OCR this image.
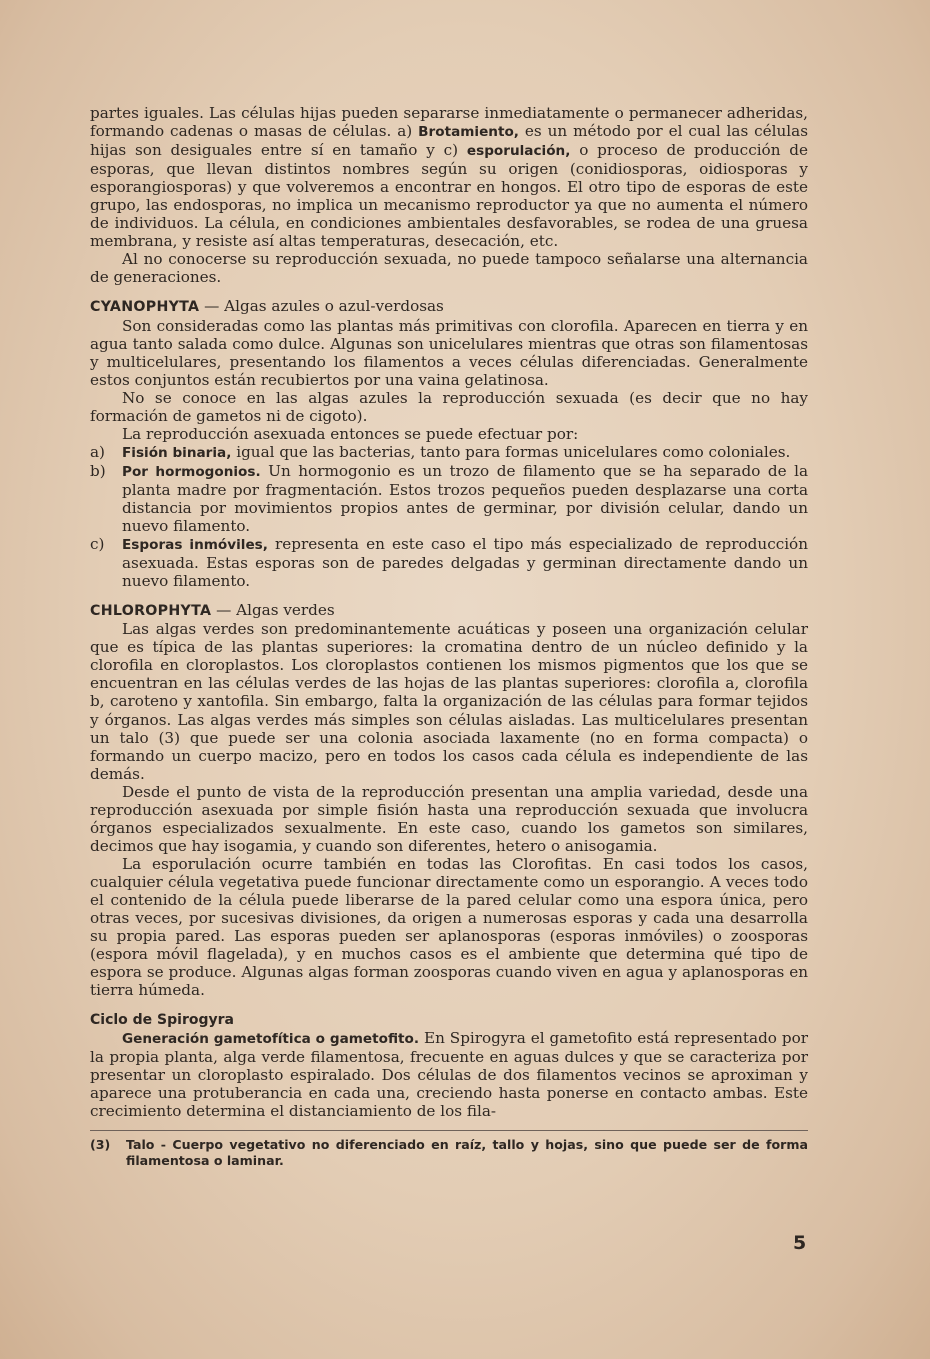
partes iguales. Las células hijas pueden separarse inmediatamente o permanecer adheridas, formando cadenas o masas de células. a) Brotamiento, es un método por el cual las células hijas son desiguales entre sí en tamaño y c) esporulación, o proceso de producción de esporas, que llevan distintos nombres según su origen (conidiosporas, oidiosporas y esporangiosporas) y que volveremos a encontrar en hongos. El otro tipo de esporas de este grupo, las endosporas, no implica un mecanismo reproductor ya que no aumenta el número de individuos. La célula, en condiciones ambientales desfavorables, se rodea de una gruesa membrana, y resiste así altas temperaturas, desecación, etc.

Al no conocerse su reproducción sexuada, no puede tampoco señalarse una alternancia de generaciones.

CYANOPHYTA — Algas azules o azul-verdosas

Son consideradas como las plantas más primitivas con clorofila. Aparecen en tierra y en agua tanto salada como dulce. Algunas son unicelulares mientras que otras son filamentosas y multicelulares, presentando los filamentos a veces células diferenciadas. Generalmente estos conjuntos están recubiertos por una vaina gelatinosa.

No se conoce en las algas azules la reproducción sexuada (es decir que no hay formación de gametos ni de cigoto).

La reproducción asexuada entonces se puede efectuar por:

a)	Fisión binaria, igual que las bacterias, tanto para formas unicelulares como coloniales.
b)	Por hormogonios. Un hormogonio es un trozo de filamento que se ha separado de la planta madre por fragmentación. Estos trozos pequeños pueden desplazarse una corta distancia por movimientos propios antes de germinar, por división celular, dando un nuevo filamento.
c)	Esporas inmóviles, representa en este caso el tipo más especializado de reproducción asexuada. Estas esporas son de paredes delgadas y germinan directamente dando un nuevo filamento.

CHLOROPHYTA — Algas verdes

Las algas verdes son predominantemente acuáticas y poseen una organización celular que es típica de las plantas superiores: la cromatina dentro de un núcleo definido y la clorofila en cloroplastos. Los cloroplastos contienen los mismos pigmentos que los que se encuentran en las células verdes de las hojas de las plantas superiores: clorofila a, clorofila b, caroteno y xantofila. Sin embargo, falta la organización de las células para formar tejidos y órganos. Las algas verdes más simples son células aisladas. Las multicelulares presentan un talo (3) que puede ser una colonia asociada laxamente (no en forma compacta) o formando un cuerpo macizo, pero en todos los casos cada célula es independiente de las demás.

Desde el punto de vista de la reproducción presentan una amplia variedad, desde una reproducción asexuada por simple fisión hasta una reproducción sexuada que involucra órganos especializados sexualmente. En este caso, cuando los gametos son similares, decimos que hay isogamia, y cuando son diferentes, hetero o anisogamia.

La esporulación ocurre también en todas las Clorofitas. En casi todos los casos, cualquier célula vegetativa puede funcionar directamente como un esporangio. A veces todo el contenido de la célula puede liberarse de la pared celular como una espora única, pero otras veces, por sucesivas divisiones, da origen a numerosas esporas y cada una desarrolla su propia pared. Las esporas pueden ser aplanosporas (esporas inmóviles) o zoosporas (espora móvil flagelada), y en muchos casos es el ambiente que determina qué tipo de espora se produce. Algunas algas forman zoosporas cuando viven en agua y aplanosporas en tierra húmeda.

Ciclo de Spirogyra

Generación gametofítica o gametofito. En Spirogyra el gametofito está representado por la propia planta, alga verde filamentosa, frecuente en aguas dulces y que se caracteriza por presentar un cloroplasto espiralado. Dos células de dos filamentos vecinos se aproximan y aparece una protuberancia en cada una, creciendo hasta ponerse en contacto ambas. Este crecimiento determina el distanciamiento de los fila-

(3)	Talo - Cuerpo vegetativo no diferenciado en raíz, tallo y hojas, sino que puede ser de forma filamentosa o laminar.
5
